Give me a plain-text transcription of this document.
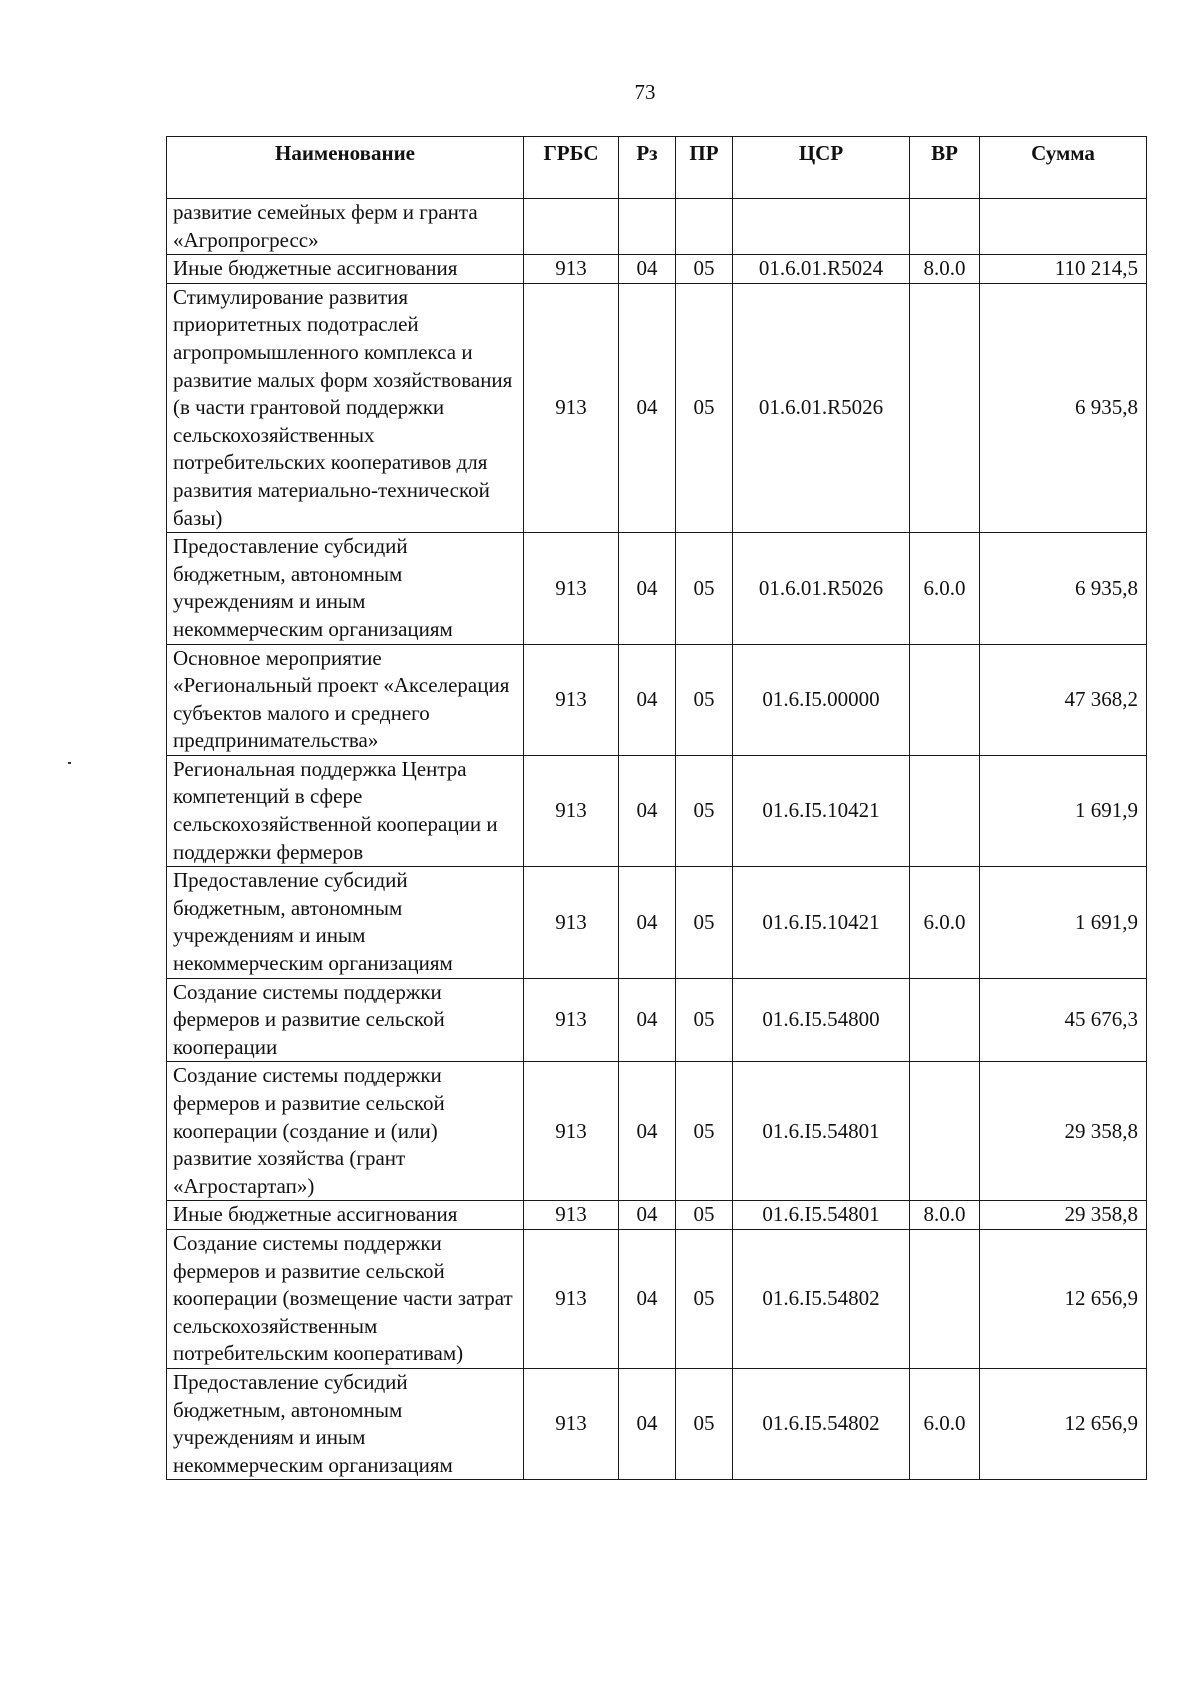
73
Наименование	ГРБС	Рз	ПР	ЦСР	ВР	Сумма
развитие семейных ферм и гранта «Агропрогресс»						
Иные бюджетные ассигнования	913	04	05	01.6.01.R5024	8.0.0	110 214,5
Стимулирование развития приоритетных подотраслей агропромышленного комплекса и развитие малых форм хозяйствования (в части грантовой поддержки сельскохозяйственных потребительских кооперативов для развития материально-технической базы)	913	04	05	01.6.01.R5026		6 935,8
Предоставление субсидий бюджетным, автономным учреждениям и иным некоммерческим организациям	913	04	05	01.6.01.R5026	6.0.0	6 935,8
Основное мероприятие «Региональный проект «Акселерация субъектов малого и среднего предпринимательства»	913	04	05	01.6.I5.00000		47 368,2
Региональная поддержка Центра компетенций в сфере сельскохозяйственной кооперации и поддержки фермеров	913	04	05	01.6.I5.10421		1 691,9
Предоставление субсидий бюджетным, автономным учреждениям и иным некоммерческим организациям	913	04	05	01.6.I5.10421	6.0.0	1 691,9
Создание системы поддержки фермеров и развитие сельской кооперации	913	04	05	01.6.I5.54800		45 676,3
Создание системы поддержки фермеров и развитие сельской кооперации (создание и (или) развитие хозяйства (грант «Агростартап»)	913	04	05	01.6.I5.54801		29 358,8
Иные бюджетные ассигнования	913	04	05	01.6.I5.54801	8.0.0	29 358,8
Создание системы поддержки фермеров и развитие сельской кооперации (возмещение части затрат сельскохозяйственным потребительским кооперативам)	913	04	05	01.6.I5.54802		12 656,9
Предоставление субсидий бюджетным, автономным учреждениям и иным некоммерческим организациям	913	04	05	01.6.I5.54802	6.0.0	12 656,9
